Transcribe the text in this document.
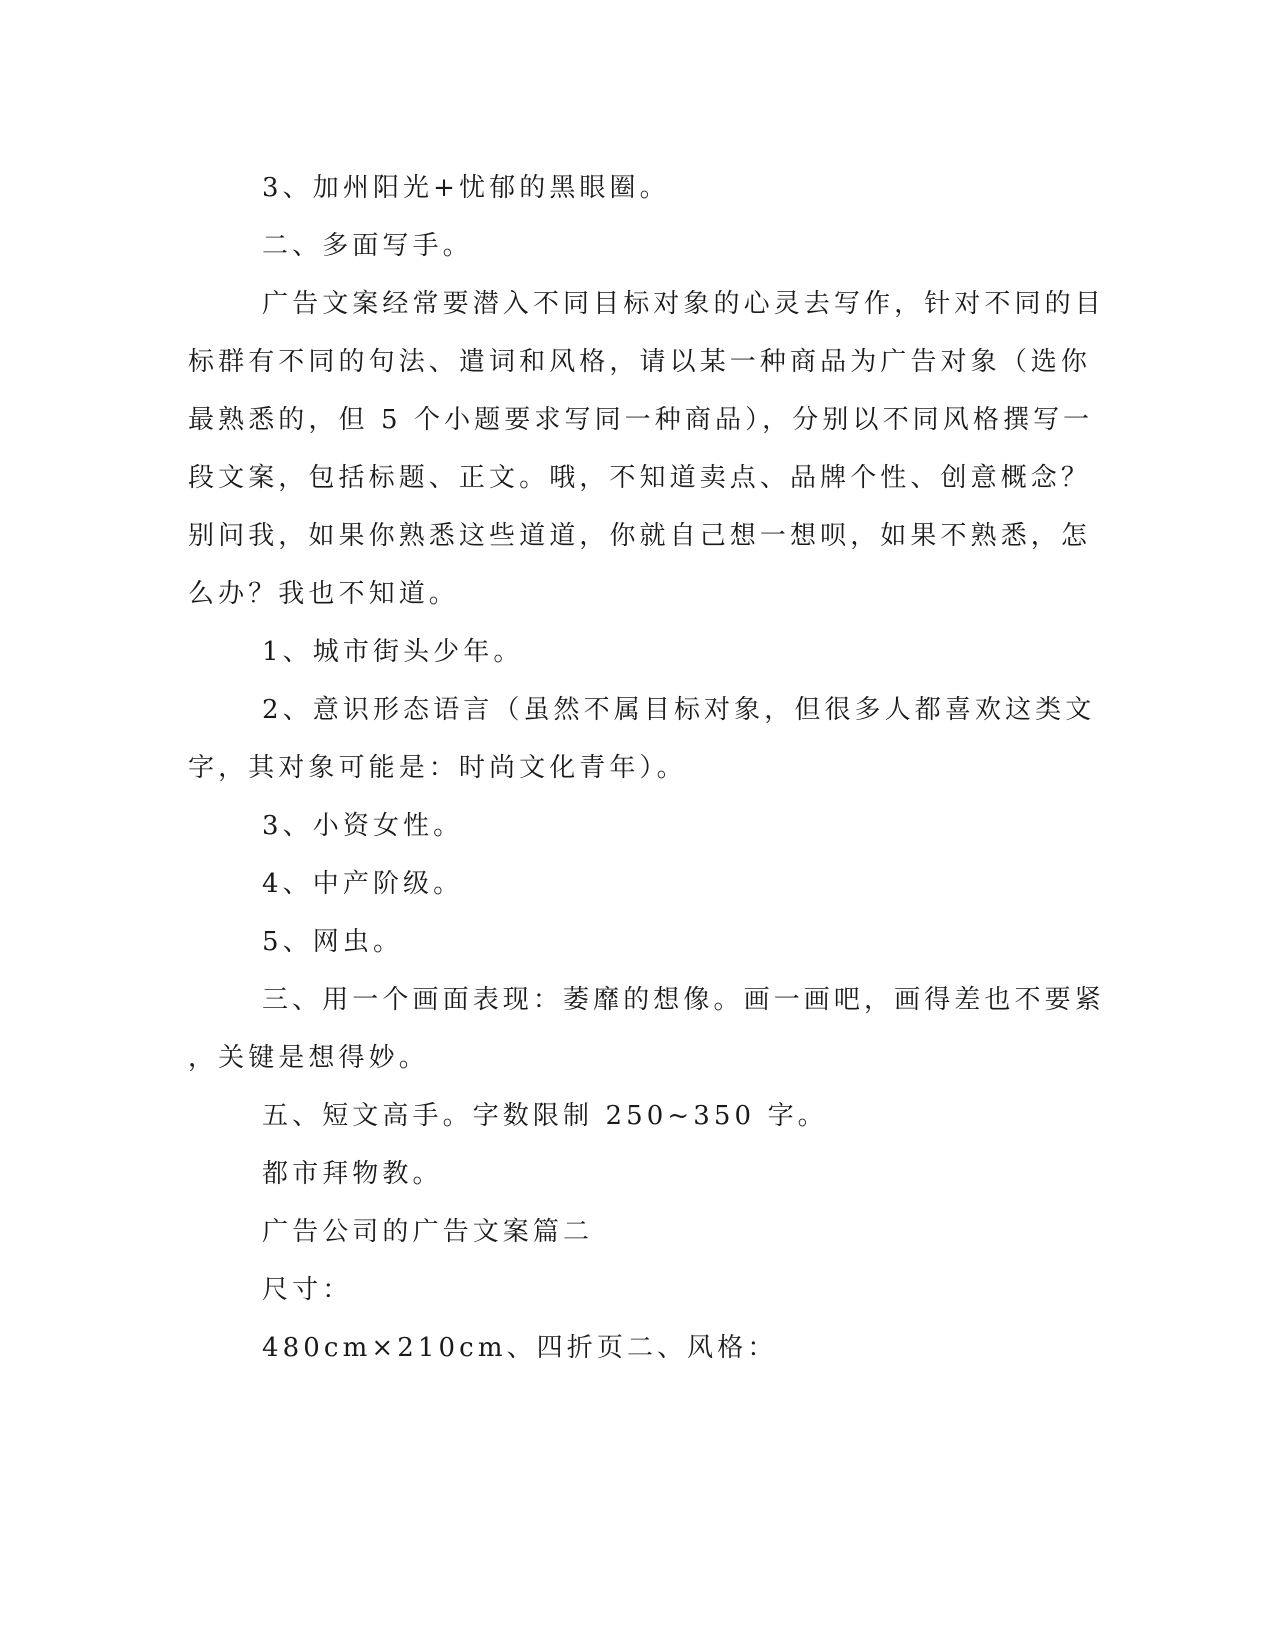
3、加州阳光+忧郁的黑眼圈。
二、多面写手。
广告文案经常要潜入不同目标对象的心灵去写作，针对不同的目
标群有不同的句法、遣词和风格，请以某一种商品为广告对象（选你
最熟悉的，但 5 个小题要求写同一种商品），分别以不同风格撰写一
段文案，包括标题、正文。哦，不知道卖点、品牌个性、创意概念？
别问我，如果你熟悉这些道道，你就自己想一想呗，如果不熟悉，怎
么办？我也不知道。
1、城市街头少年。
2、意识形态语言（虽然不属目标对象，但很多人都喜欢这类文
字，其对象可能是：时尚文化青年）。
3、小资女性。
4、中产阶级。
5、网虫。
三、用一个画面表现：萎靡的想像。画一画吧，画得差也不要紧
，关键是想得妙。
五、短文高手。字数限制 250~350 字。
都市拜物教。
广告公司的广告文案篇二
尺寸：
480cm×210cm、四折页二、风格：
